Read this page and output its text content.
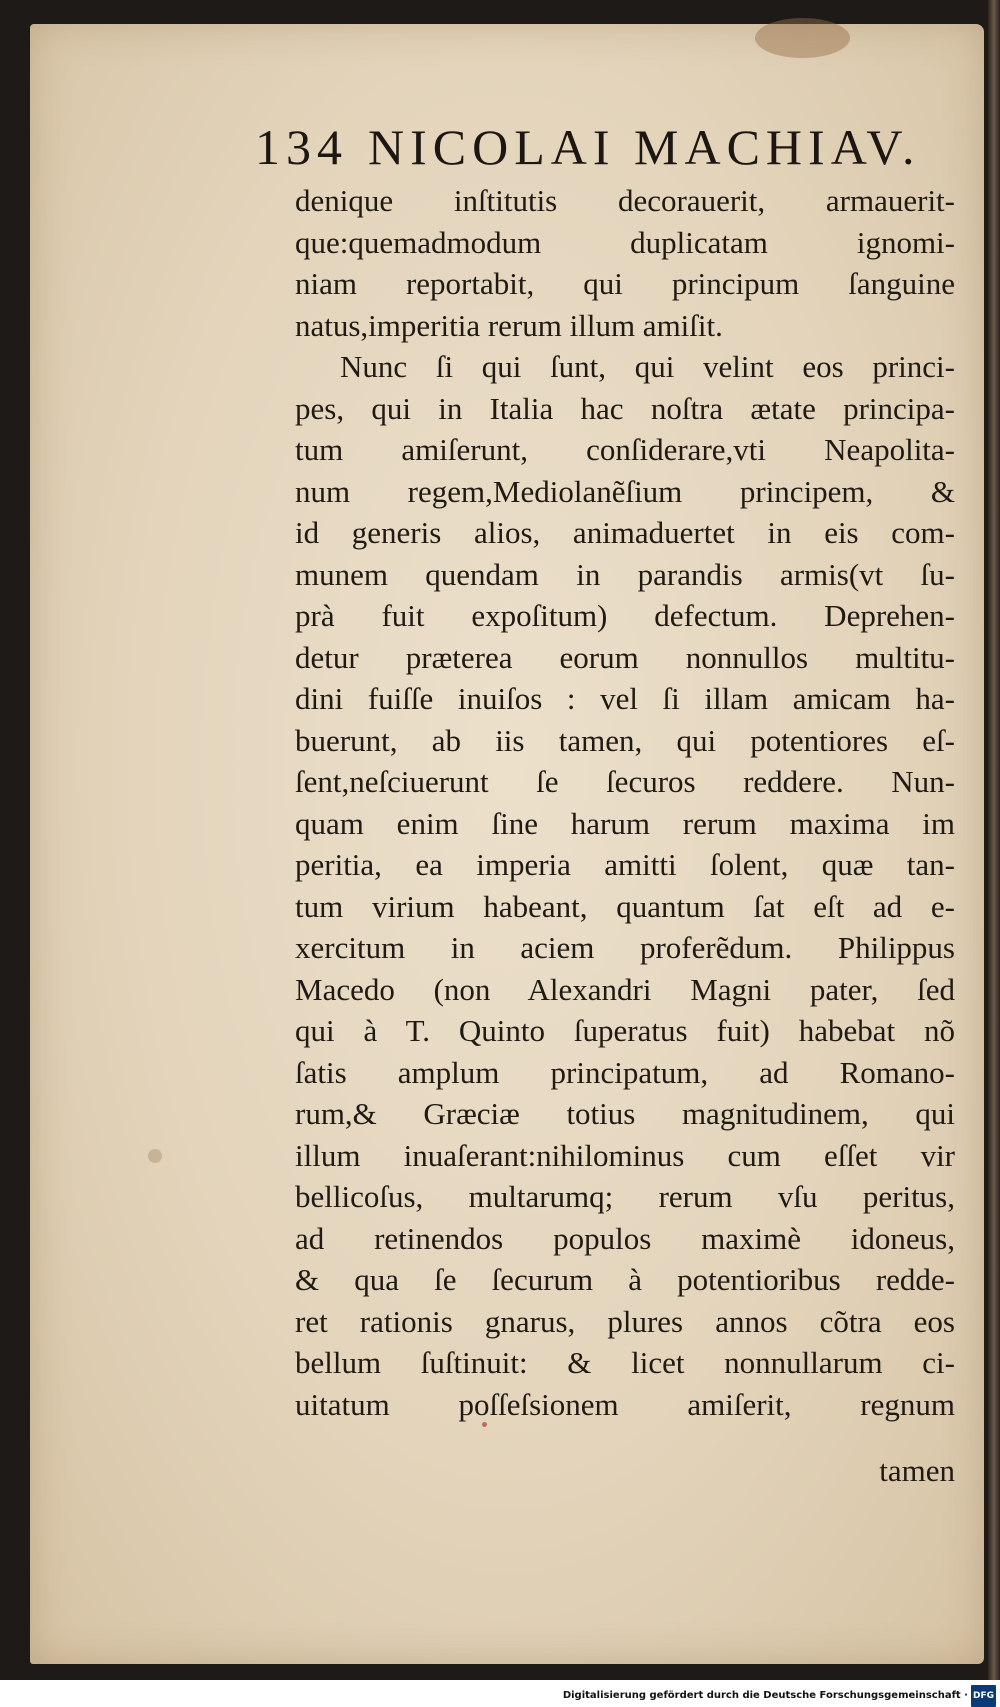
134 NICOLAI MACHIAV.
denique inſtitutis decorauerit, armauerit-
que:quemadmodum duplicatam ignomi-
niam reportabit, qui principum ſanguine
natus,imperitia rerum illum amiſit.
Nunc ſi qui ſunt, qui velint eos princi-
pes, qui in Italia hac noſtra ætate principa-
tum amiſerunt, conſiderare,vti Neapolita-
num regem,Mediolanẽſium principem, &
id generis alios, animaduertet in eis com-
munem quendam in parandis armis(vt ſu-
prà fuit expoſitum) defectum. Deprehen-
detur præterea eorum nonnullos multitu-
dini fuiſſe inuiſos : vel ſi illam amicam ha-
buerunt, ab iis tamen, qui potentiores eſ-
ſent,neſciuerunt ſe ſecuros reddere. Nun-
quam enim ſine harum rerum maxima im
peritia, ea imperia amitti ſolent, quæ tan-
tum virium habeant, quantum ſat eſt ad e-
xercitum in aciem proferẽdum. Philippus
Macedo (non Alexandri Magni pater, ſed
qui à T. Quinto ſuperatus fuit) habebat nõ
ſatis amplum principatum, ad Romano-
rum,& Græciæ totius magnitudinem, qui
illum inuaſerant:nihilominus cum eſſet vir
bellicoſus, multarumq; rerum vſu peritus,
ad retinendos populos maximè idoneus,
& qua ſe ſecurum à potentioribus redde-
ret rationis gnarus, plures annos cõtra eos
bellum ſuſtinuit: & licet nonnullarum ci-
uitatum poſſeſsionem amiſerit, regnum
tamen
Digitalisierung gefördert durch die Deutsche Forschungsgemeinschaft · DFG
